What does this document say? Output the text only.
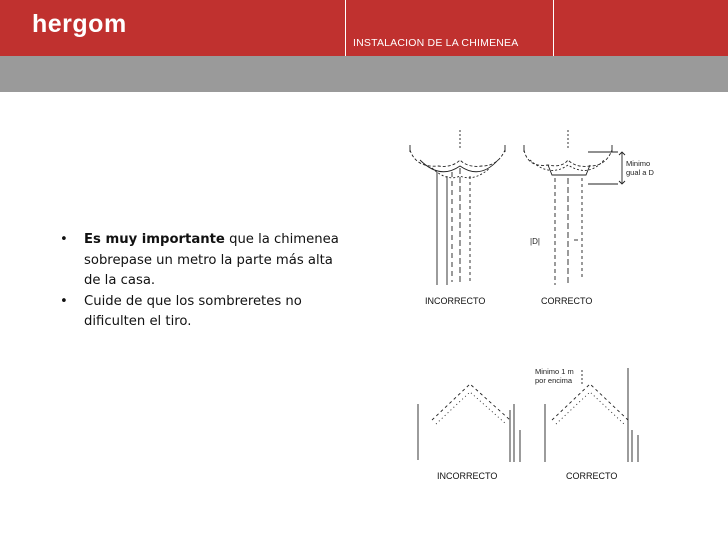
hergom
INSTALACION DE LA CHIMENEA
• Es muy importante que la chimenea sobrepase un metro la parte más alta de la casa.
• Cuide de que los sombreretes no dificulten el tiro.
Minimo
gual a D
|D|
INCORRECTO	CORRECTO
Minimo 1 m
por encima
INCORRECTO	CORRECTO
